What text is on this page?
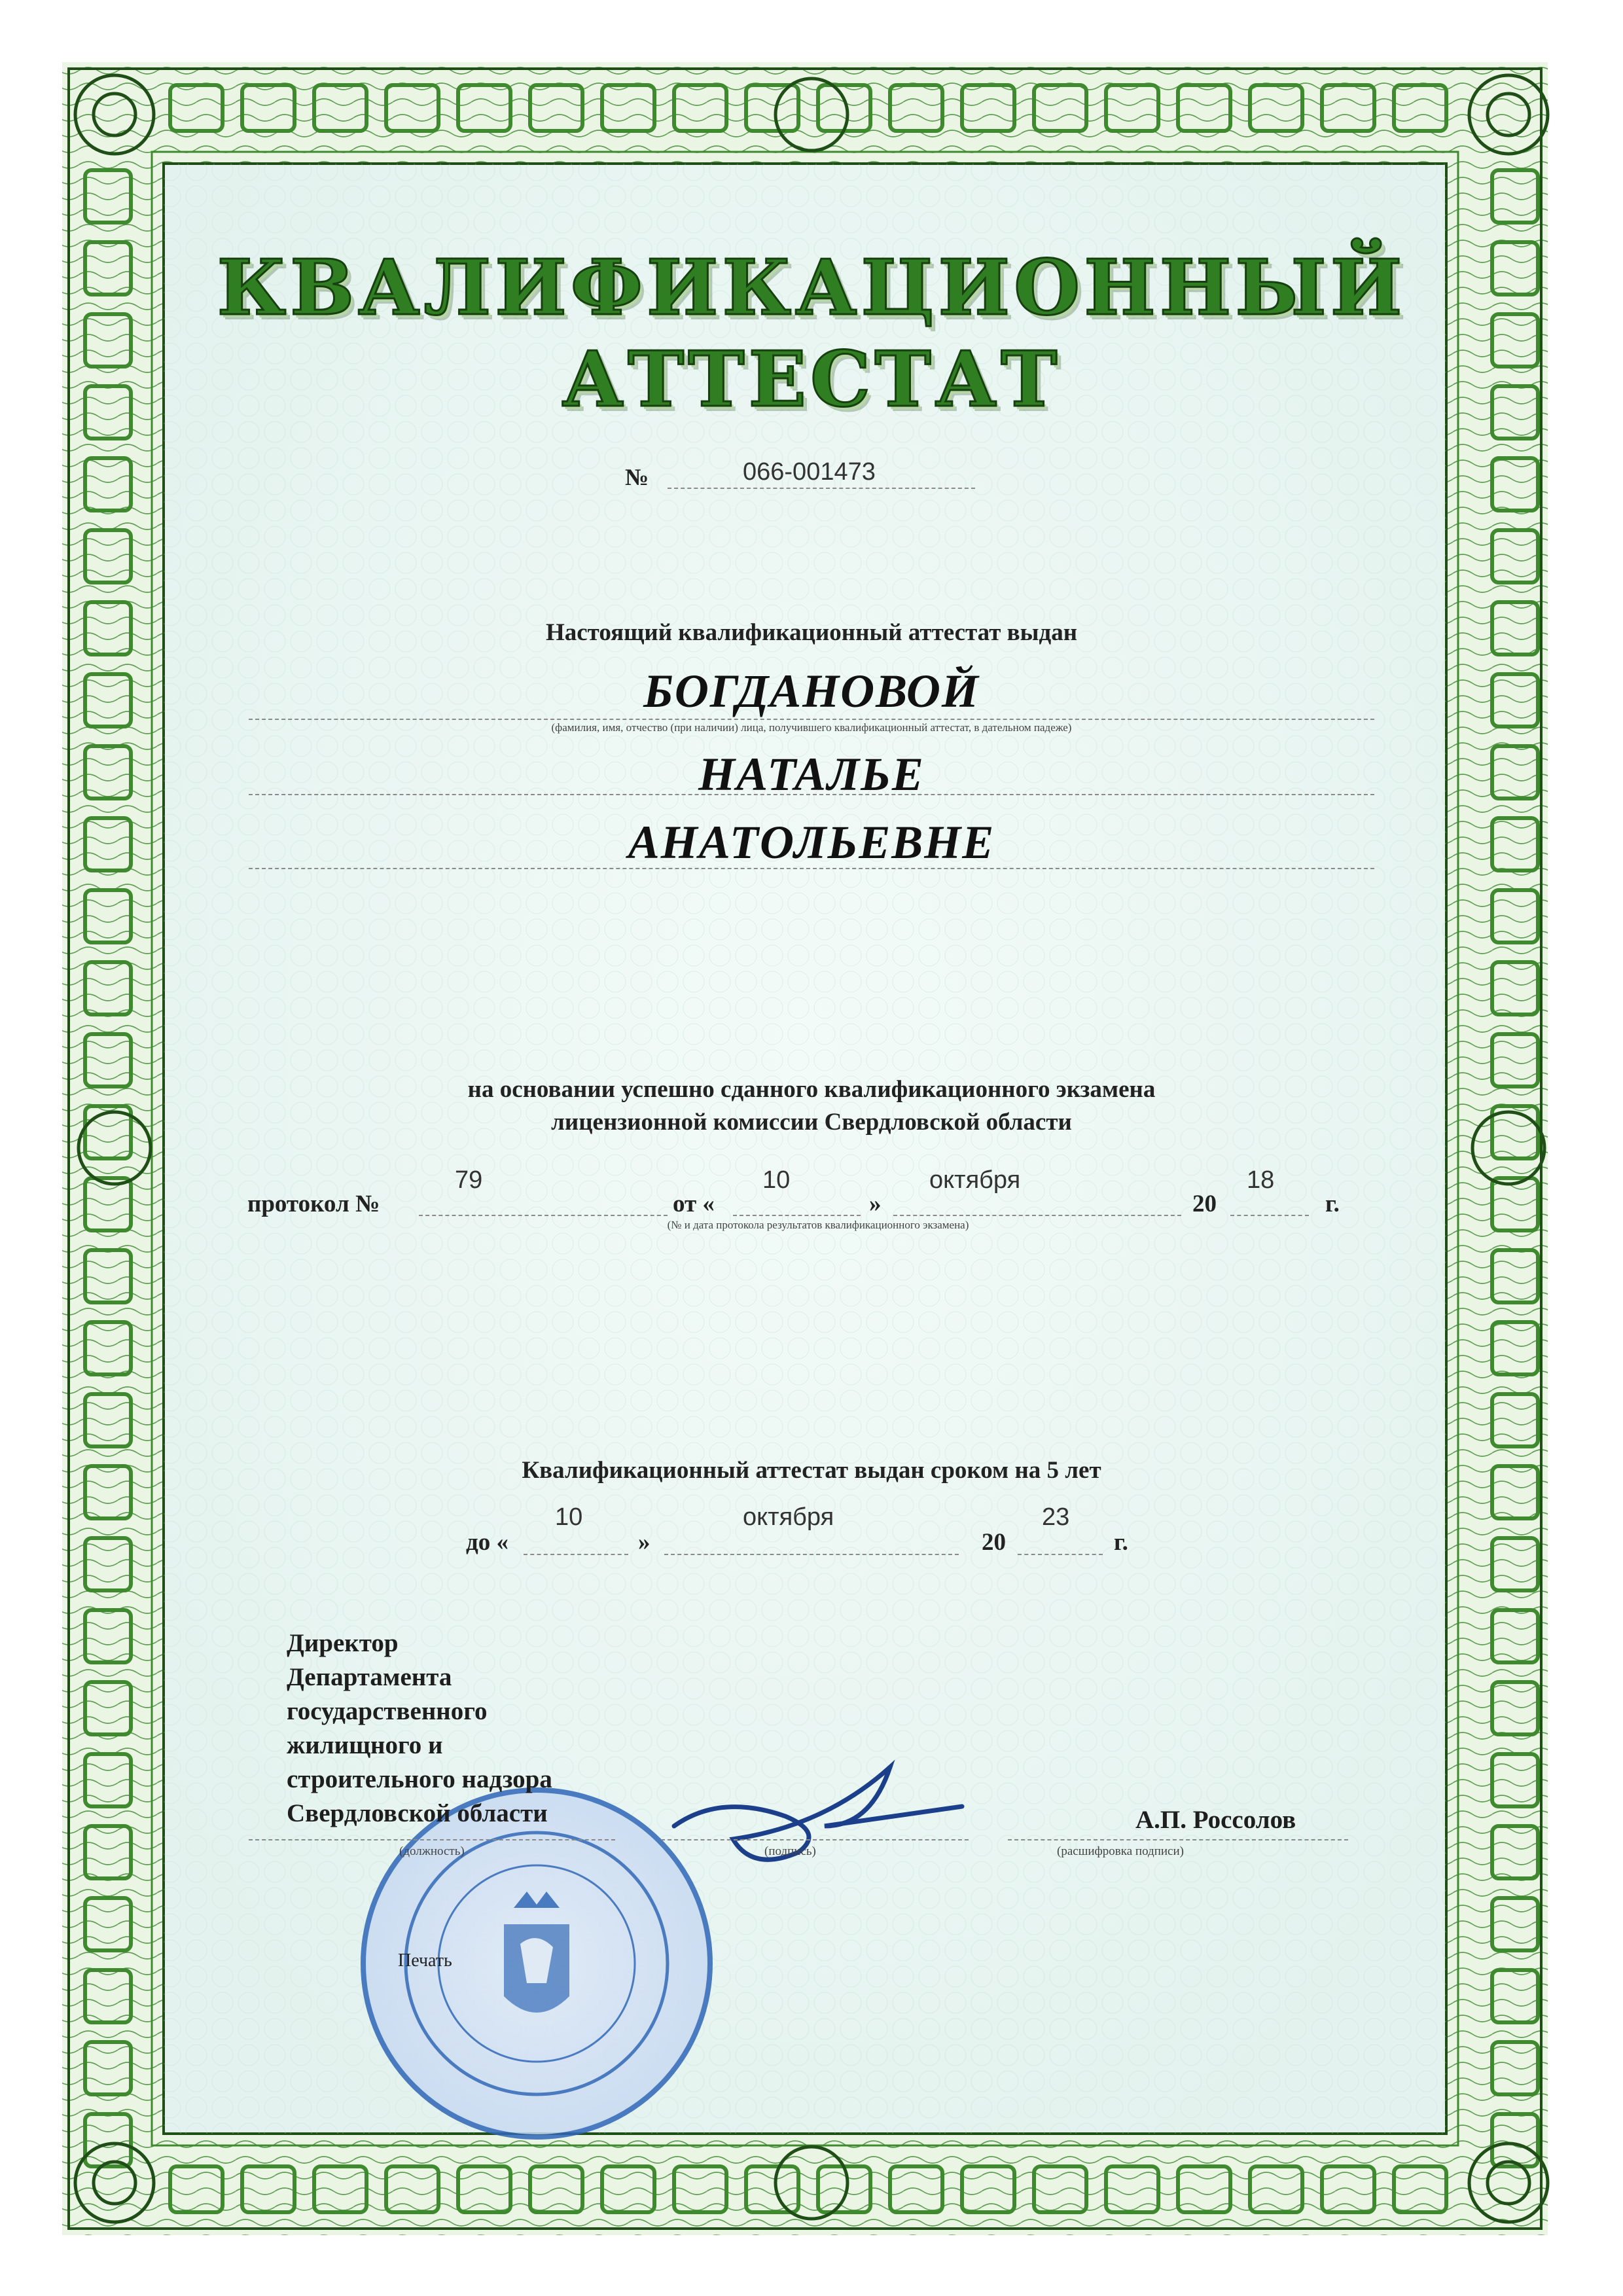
КВАЛИФИКАЦИОННЫЙ
АТТЕСТАТ
№	066-001473
Настоящий квалификационный аттестат выдан
БОГДАНОВОЙ
(фамилия, имя, отчество (при наличии) лица, получившего квалификационный аттестат, в дательном падеже)
НАТАЛЬЕ
АНАТОЛЬЕВНЕ
на основании успешно сданного квалификационного экзамена
лицензионной комиссии Свердловской области
протокол №
79
от «
10
»
октября
(№ и дата протокола результатов квалификационного экзамена)
20
18
г.
Квалификационный аттестат выдан сроком на 5 лет
до «
10
»
октября
20
23
г.
Директор
Департамента
государственного
жилищного и
строительного надзора
Свердловской области
(должность)	(подпись)	(расшифровка подписи)
А.П. Россолов
Печать
